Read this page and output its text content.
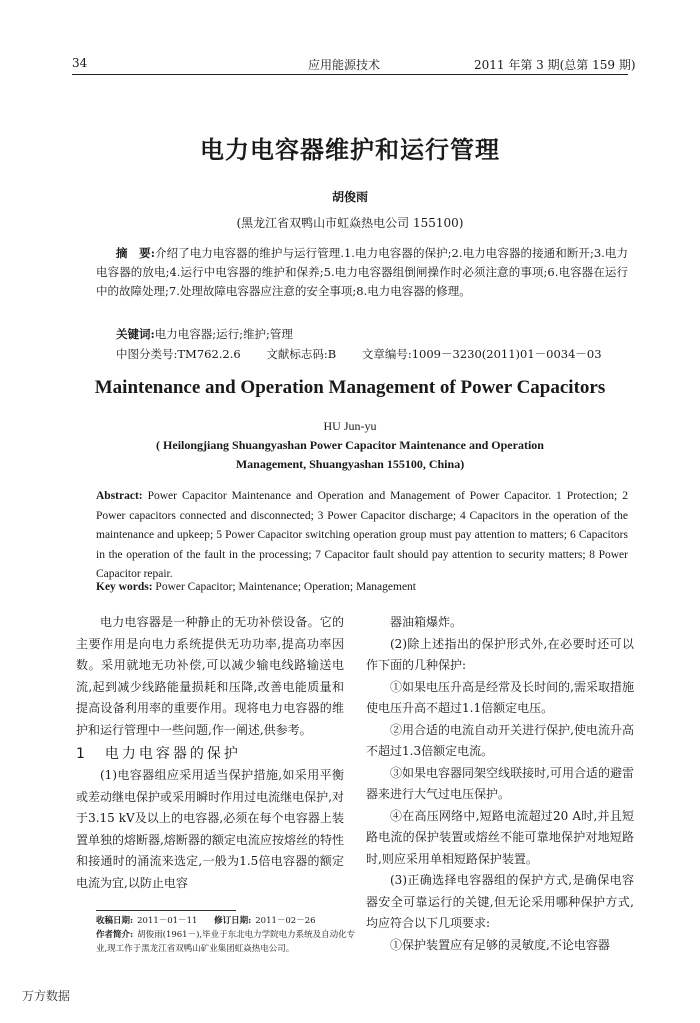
34	应用能源技术	2011 年第 3 期(总第 159 期)
电力电容器维护和运行管理
胡俊雨
(黑龙江省双鸭山市虹焱热电公司 155100)
摘　要:介绍了电力电容器的维护与运行管理.1.电力电容器的保护;2.电力电容器的接通和断开;3.电力电容器的放电;4.运行中电容器的维护和保养;5.电力电容器组倒闸操作时必须注意的事项;6.电容器在运行中的故障处理;7.处理故障电容器应注意的安全事项;8.电力电容器的修理。
关键词:电力电容器;运行;维护;管理
中图分类号:TM762.2.6 文献标志码:B 文章编号:1009－3230(2011)01－0034－03
Maintenance and Operation Management of Power Capacitors
HU Jun-yu
( Heilongjiang Shuangyashan Power Capacitor Maintenance and Operation
Management, Shuangyashan 155100, China)
Abstract: Power Capacitor Maintenance and Operation and Management of Power Capacitor. 1 Protection; 2 Power capacitors connected and disconnected; 3 Power Capacitor discharge; 4 Capacitors in the operation of the maintenance and upkeep; 5 Power Capacitor switching operation group must pay attention to matters; 6 Capacitors in the operation of the fault in the processing; 7 Capacitor fault should pay attention to security matters; 8 Power Capacitor repair.
Key words: Power Capacitor; Maintenance; Operation; Management

电力电容器是一种静止的无功补偿设备。它的主要作用是向电力系统提供无功功率,提高功率因数。采用就地无功补偿,可以减少输电线路输送电流,起到减少线路能量损耗和压降,改善电能质量和提高设备利用率的重要作用。现将电力电容器的维护和运行管理中一些问题,作一阐述,供参考。

1　电力电容器的保护

(1)电容器组应采用适当保护措施,如采用平衡或差动继电保护或采用瞬时作用过电流继电保护,对于3.15 kV及以上的电容器,必须在每个电容器上装置单独的熔断器,熔断器的额定电流应按熔丝的特性和接通时的涌流来选定,一般为1.5倍电容器的额定电流为宜,以防止电容

收稿日期: 2011－01－11 修订日期: 2011－02－26
作者简介: 胡俊雨(1961－),毕业于东北电力学院电力系统及自动化专业,现工作于黑龙江省双鸭山矿业集团虹焱热电公司。

器油箱爆炸。

(2)除上述指出的保护形式外,在必要时还可以作下面的几种保护:

①如果电压升高是经常及长时间的,需采取措施使电压升高不超过1.1倍额定电压。

②用合适的电流自动开关进行保护,使电流升高不超过1.3倍额定电流。

③如果电容器同架空线联接时,可用合适的避雷器来进行大气过电压保护。

④在高压网络中,短路电流超过20 A时,并且短路电流的保护装置或熔丝不能可靠地保护对地短路时,则应采用单相短路保护装置。

(3)正确选择电容器组的保护方式,是确保电容器安全可靠运行的关键,但无论采用哪种保护方式,均应符合以下几项要求:

①保护装置应有足够的灵敏度,不论电容器

万方数据
